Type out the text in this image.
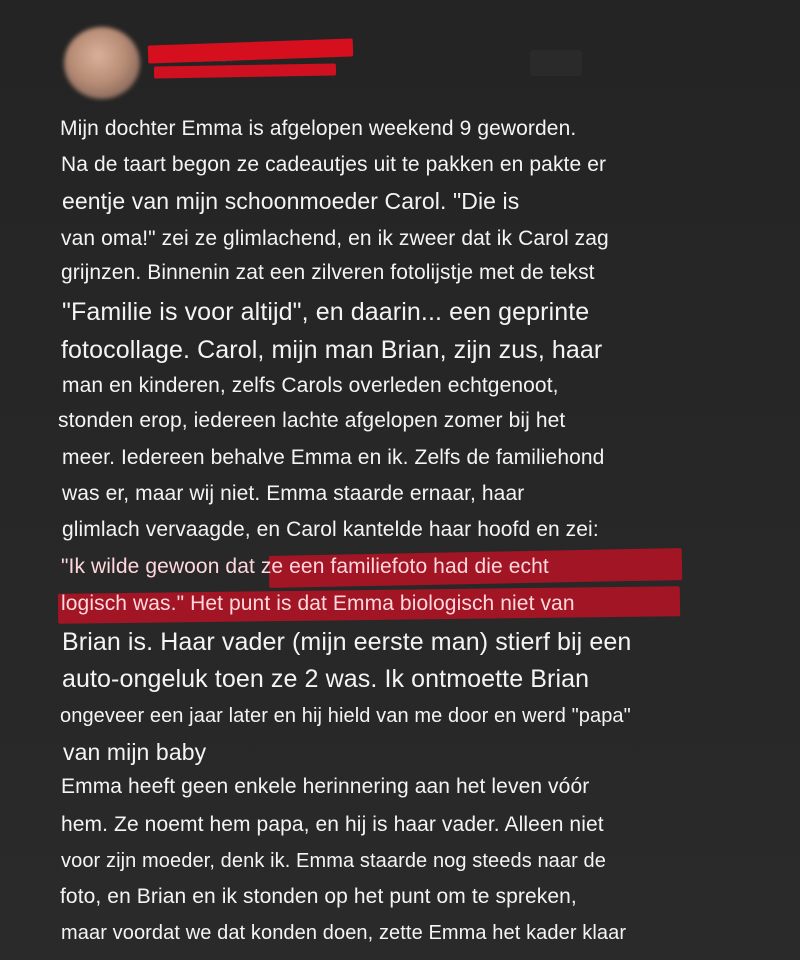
Mijn dochter Emma is afgelopen weekend 9 geworden.
Na de taart begon ze cadeautjes uit te pakken en pakte er
eentje van mijn schoonmoeder Carol. "Die is
van oma!" zei ze glimlachend, en ik zweer dat ik Carol zag
grijnzen. Binnenin zat een zilveren fotolijstje met de tekst
"Familie is voor altijd", en daarin... een geprinte
fotocollage. Carol, mijn man Brian, zijn zus, haar
man en kinderen, zelfs Carols overleden echtgenoot,
stonden erop, iedereen lachte afgelopen zomer bij het
meer. Iedereen behalve Emma en ik. Zelfs de familiehond
was er, maar wij niet. Emma staarde ernaar, haar
glimlach vervaagde, en Carol kantelde haar hoofd en zei:
"Ik wilde gewoon dat ze een familiefoto had die echt
logisch was." Het punt is dat Emma biologisch niet van
Brian is. Haar vader (mijn eerste man) stierf bij een
auto-ongeluk toen ze 2 was. Ik ontmoette Brian
ongeveer een jaar later en hij hield van me door en werd "papa"
van mijn baby
Emma heeft geen enkele herinnering aan het leven vóór
hem. Ze noemt hem papa, en hij is haar vader. Alleen niet
voor zijn moeder, denk ik. Emma staarde nog steeds naar de
foto, en Brian en ik stonden op het punt om te spreken,
maar voordat we dat konden doen, zette Emma het kader klaar
